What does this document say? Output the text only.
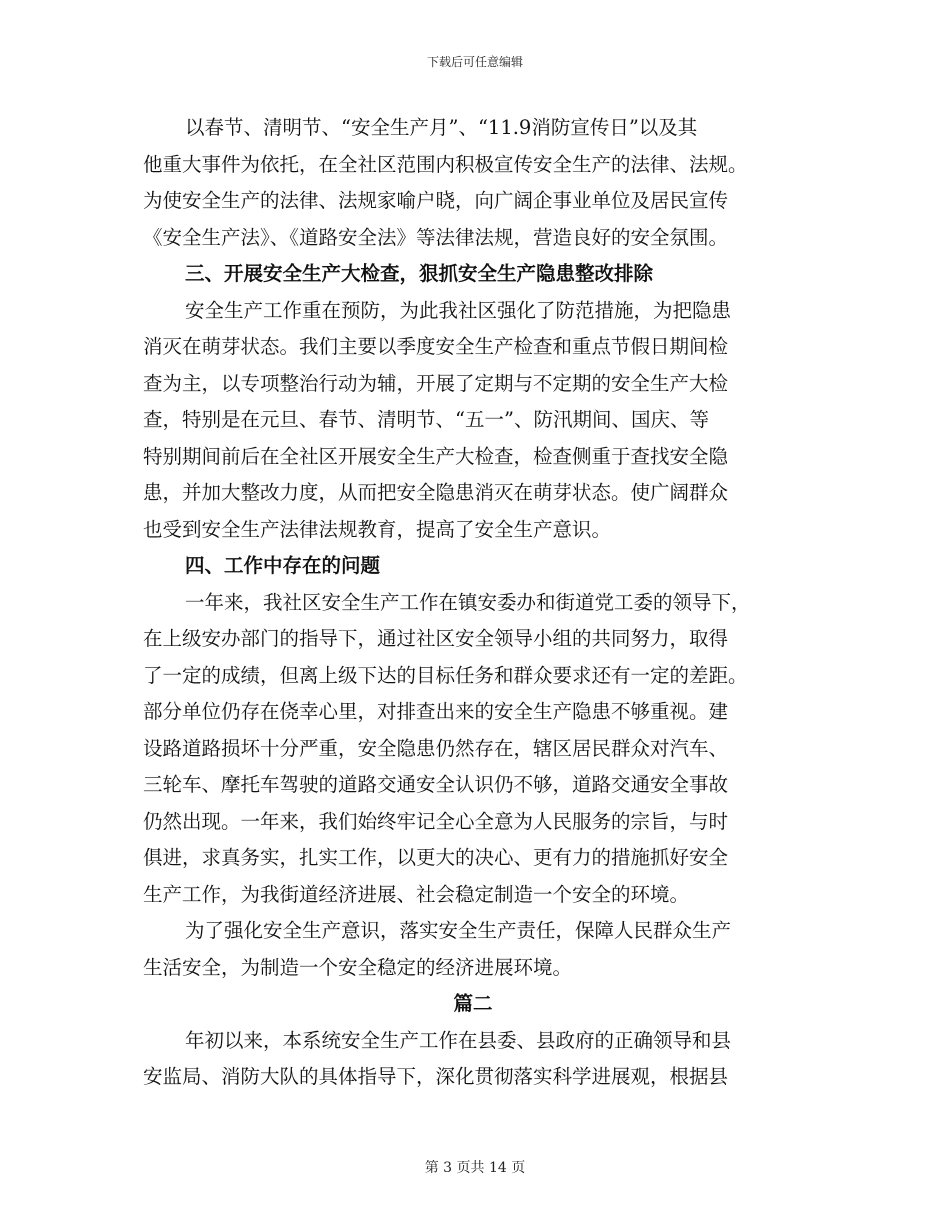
下载后可任意编辑
以春节、清明节、“安全生产月”、“11.9消防宣传日”以及其
他重大事件为依托，在全社区范围内积极宣传安全生产的法律、法规。
为使安全生产的法律、法规家喻户晓，向广阔企事业单位及居民宣传
《安全生产法》、《道路安全法》等法律法规，营造良好的安全氛围。
三、开展安全生产大检查，狠抓安全生产隐患整改排除
安全生产工作重在预防，为此我社区强化了防范措施，为把隐患
消灭在萌芽状态。我们主要以季度安全生产检查和重点节假日期间检
查为主，以专项整治行动为辅，开展了定期与不定期的安全生产大检
查，特别是在元旦、春节、清明节、“五一”、防汛期间、国庆、等
特别期间前后在全社区开展安全生产大检查，检查侧重于查找安全隐
患，并加大整改力度，从而把安全隐患消灭在萌芽状态。使广阔群众
也受到安全生产法律法规教育，提高了安全生产意识。
四、工作中存在的问题
一年来，我社区安全生产工作在镇安委办和街道党工委的领导下，
在上级安办部门的指导下，通过社区安全领导小组的共同努力，取得
了一定的成绩，但离上级下达的目标任务和群众要求还有一定的差距。
部分单位仍存在侥幸心里，对排查出来的安全生产隐患不够重视。建
设路道路损坏十分严重，安全隐患仍然存在，辖区居民群众对汽车、
三轮车、摩托车驾驶的道路交通安全认识仍不够，道路交通安全事故
仍然出现。一年来，我们始终牢记全心全意为人民服务的宗旨，与时
俱进，求真务实，扎实工作，以更大的决心、更有力的措施抓好安全
生产工作，为我街道经济进展、社会稳定制造一个安全的环境。
为了强化安全生产意识，落实安全生产责任，保障人民群众生产
生活安全，为制造一个安全稳定的经济进展环境。
篇二
年初以来，本系统安全生产工作在县委、县政府的正确领导和县
安监局、消防大队的具体指导下，深化贯彻落实科学进展观，根据县
第 3 页共 14 页
